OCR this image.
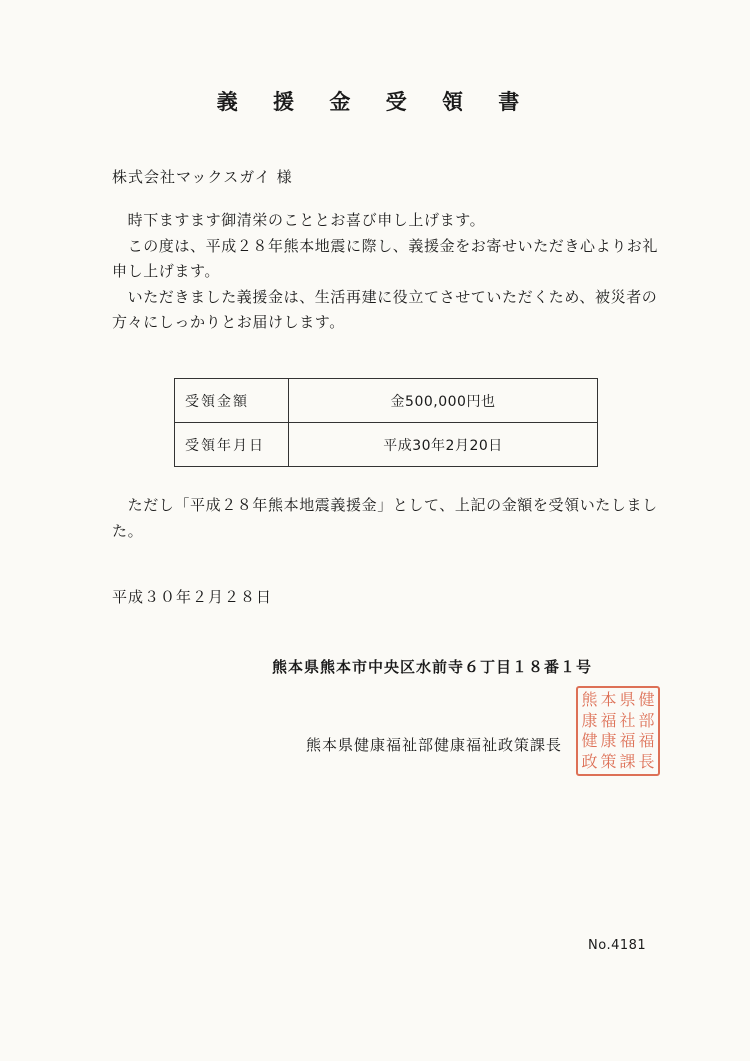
義 援 金 受 領 書
株式会社マックスガイ 様

　時下ますます御清栄のこととお喜び申し上げます。

　この度は、平成２８年熊本地震に際し、義援金をお寄せいただき心よりお礼申し上げます。

　いただきました義援金は、生活再建に役立てさせていただくため、被災者の方々にしっかりとお届けします。

受領金額	金500,000円也
受領年月日	平成30年2月20日

　ただし「平成２８年熊本地震義援金」として、上記の金額を受領いたしました。

平成３０年２月２８日
熊本県熊本市中央区水前寺６丁目１８番１号
熊本県健康福祉部健康福祉政策課長
健
部
福
長
県
社
福
課
本
福
康
策
熊
康
健
政
No.4181
